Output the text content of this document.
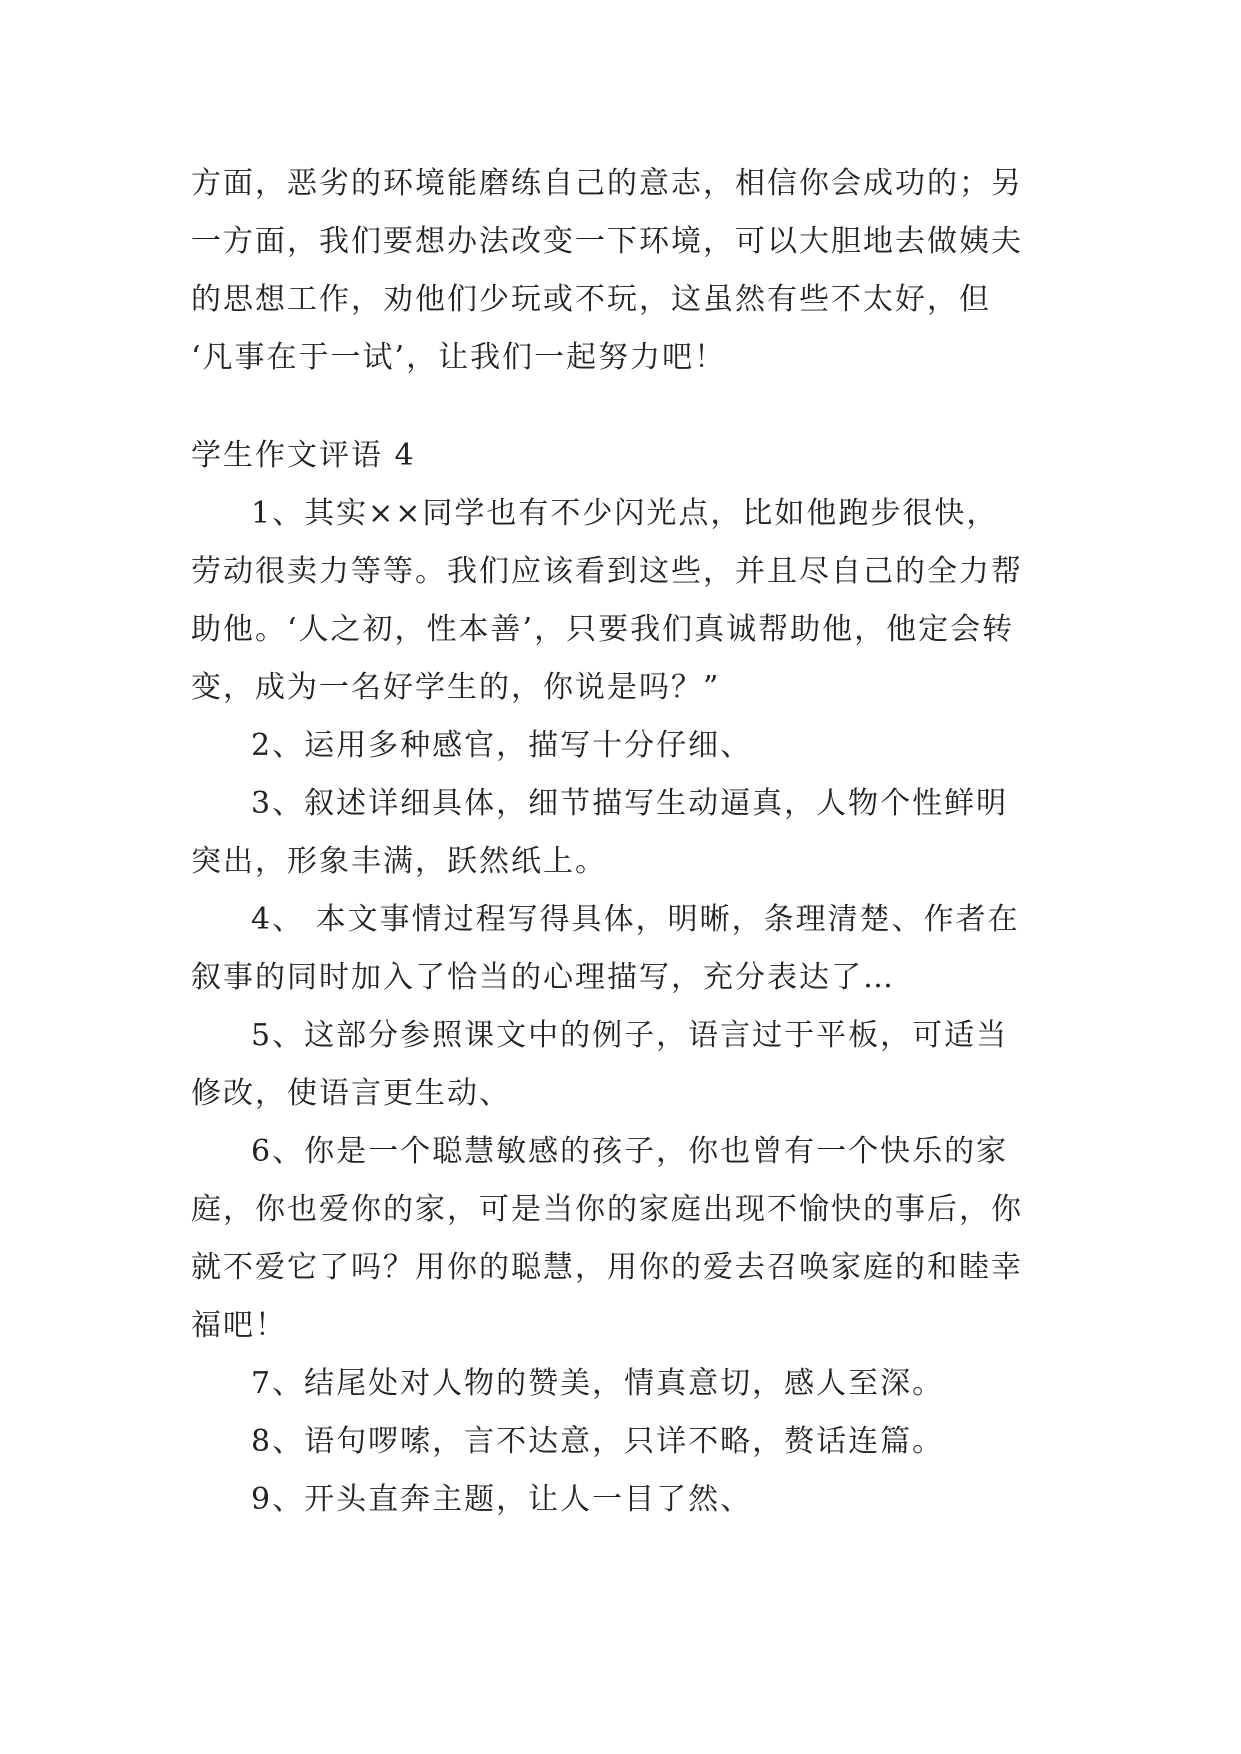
方面，恶劣的环境能磨练自己的意志，相信你会成功的；另
一方面，我们要想办法改变一下环境，可以大胆地去做姨夫
的思想工作，劝他们少玩或不玩，这虽然有些不太好，但
‘凡事在于一试’，让我们一起努力吧！
学生作文评语 4
1、其实××同学也有不少闪光点，比如他跑步很快，
劳动很卖力等等。我们应该看到这些，并且尽自己的全力帮
助他。‘人之初，性本善’，只要我们真诚帮助他，他定会转
变，成为一名好学生的，你说是吗？”
2、运用多种感官，描写十分仔细、
3、叙述详细具体，细节描写生动逼真，人物个性鲜明
突出，形象丰满，跃然纸上。
4、 本文事情过程写得具体，明晰，条理清楚、作者在
叙事的同时加入了恰当的心理描写，充分表达了…
5、这部分参照课文中的例子，语言过于平板，可适当
修改，使语言更生动、
6、你是一个聪慧敏感的孩子，你也曾有一个快乐的家
庭，你也爱你的家，可是当你的家庭出现不愉快的事后，你
就不爱它了吗？用你的聪慧，用你的爱去召唤家庭的和睦幸
福吧！
7、结尾处对人物的赞美，情真意切，感人至深。
8、语句啰嗦，言不达意，只详不略，赘话连篇。
9、开头直奔主题，让人一目了然、
